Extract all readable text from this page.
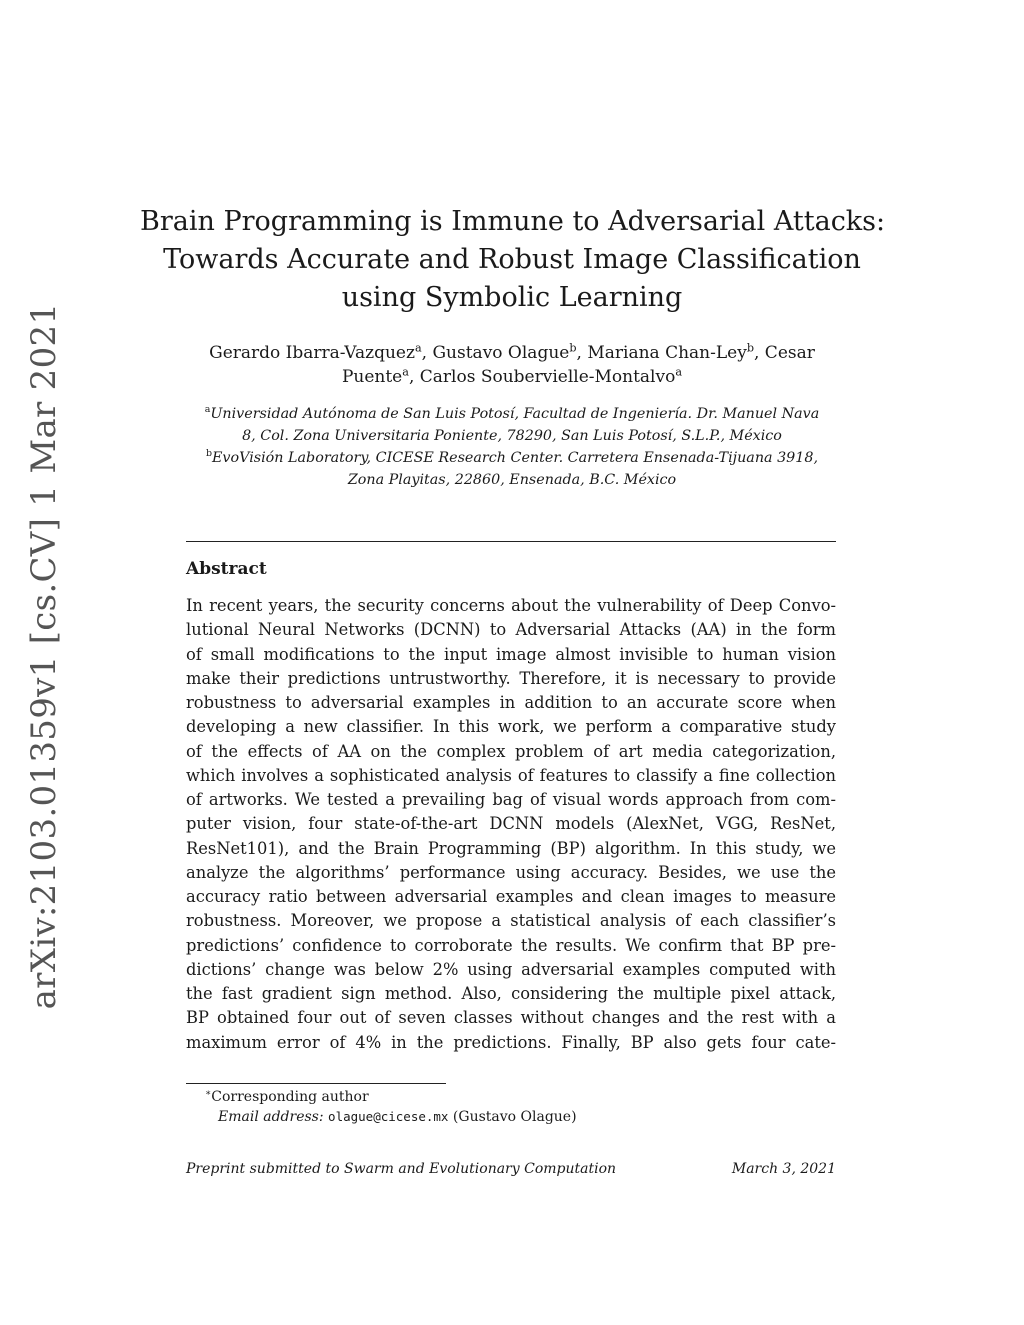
arXiv:2103.01359v1 [cs.CV] 1 Mar 2021
Brain Programming is Immune to Adversarial Attacks:
Towards Accurate and Robust Image Classification
using Symbolic Learning
Gerardo Ibarra-Vazquez$^a$, Gustavo Olague$^b$, Mariana Chan-Ley$^b$, Cesar
Puente$^a$, Carlos Soubervielle-Montalvo$^a$
$^a$Universidad Autónoma de San Luis Potosí, Facultad de Ingeniería. Dr. Manuel Nava
8, Col. Zona Universitaria Poniente, 78290, San Luis Potosí, S.L.P., México
$^b$EvoVisión Laboratory, CICESE Research Center. Carretera Ensenada-Tijuana 3918,
Zona Playitas, 22860, Ensenada, B.C. México
Abstract
In recent years, the security concerns about the vulnerability of Deep Convo-
lutional Neural Networks (DCNN) to Adversarial Attacks (AA) in the form
of small modifications to the input image almost invisible to human vision
make their predictions untrustworthy. Therefore, it is necessary to provide
robustness to adversarial examples in addition to an accurate score when
developing a new classifier. In this work, we perform a comparative study
of the effects of AA on the complex problem of art media categorization,
which involves a sophisticated analysis of features to classify a fine collection
of artworks. We tested a prevailing bag of visual words approach from com-
puter vision, four state-of-the-art DCNN models (AlexNet, VGG, ResNet,
ResNet101), and the Brain Programming (BP) algorithm. In this study, we
analyze the algorithms’ performance using accuracy. Besides, we use the
accuracy ratio between adversarial examples and clean images to measure
robustness. Moreover, we propose a statistical analysis of each classifier’s
predictions’ confidence to corroborate the results. We confirm that BP pre-
dictions’ change was below 2% using adversarial examples computed with
the fast gradient sign method. Also, considering the multiple pixel attack,
BP obtained four out of seven classes without changes and the rest with a
maximum error of 4% in the predictions. Finally, BP also gets four cate-
∗Corresponding author
Email address: olague@cicese.mx (Gustavo Olague)
Preprint submitted to Swarm and Evolutionary Computation	March 3, 2021
